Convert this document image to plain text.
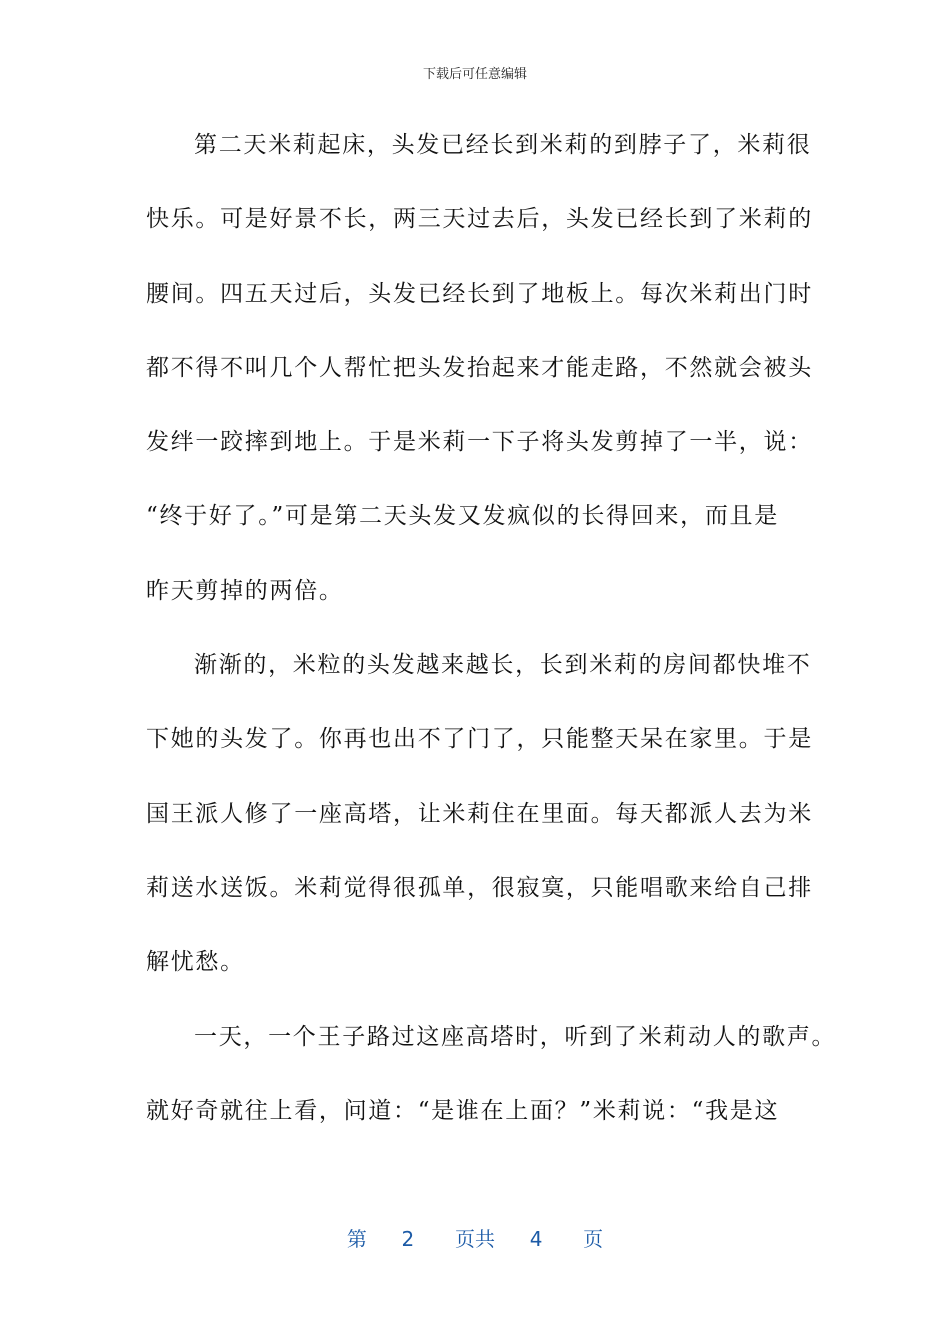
下载后可任意编辑
第二天米莉起床，头发已经长到米莉的到脖子了，米莉很
快乐。可是好景不长，两三天过去后，头发已经长到了米莉的
腰间。四五天过后，头发已经长到了地板上。每次米莉出门时
都不得不叫几个人帮忙把头发抬起来才能走路，不然就会被头
发绊一跤摔到地上。于是米莉一下子将头发剪掉了一半，说：
“终于好了。”可是第二天头发又发疯似的长得回来，而且是
昨天剪掉的两倍。
渐渐的，米粒的头发越来越长，长到米莉的房间都快堆不
下她的头发了。你再也出不了门了，只能整天呆在家里。于是
国王派人修了一座高塔，让米莉住在里面。每天都派人去为米
莉送水送饭。米莉觉得很孤单，很寂寞，只能唱歌来给自己排
解忧愁。
一天，一个王子路过这座高塔时，听到了米莉动人的歌声。
就好奇就往上看，问道：“是谁在上面？”米莉说：“我是这
第 2 页共 4 页
